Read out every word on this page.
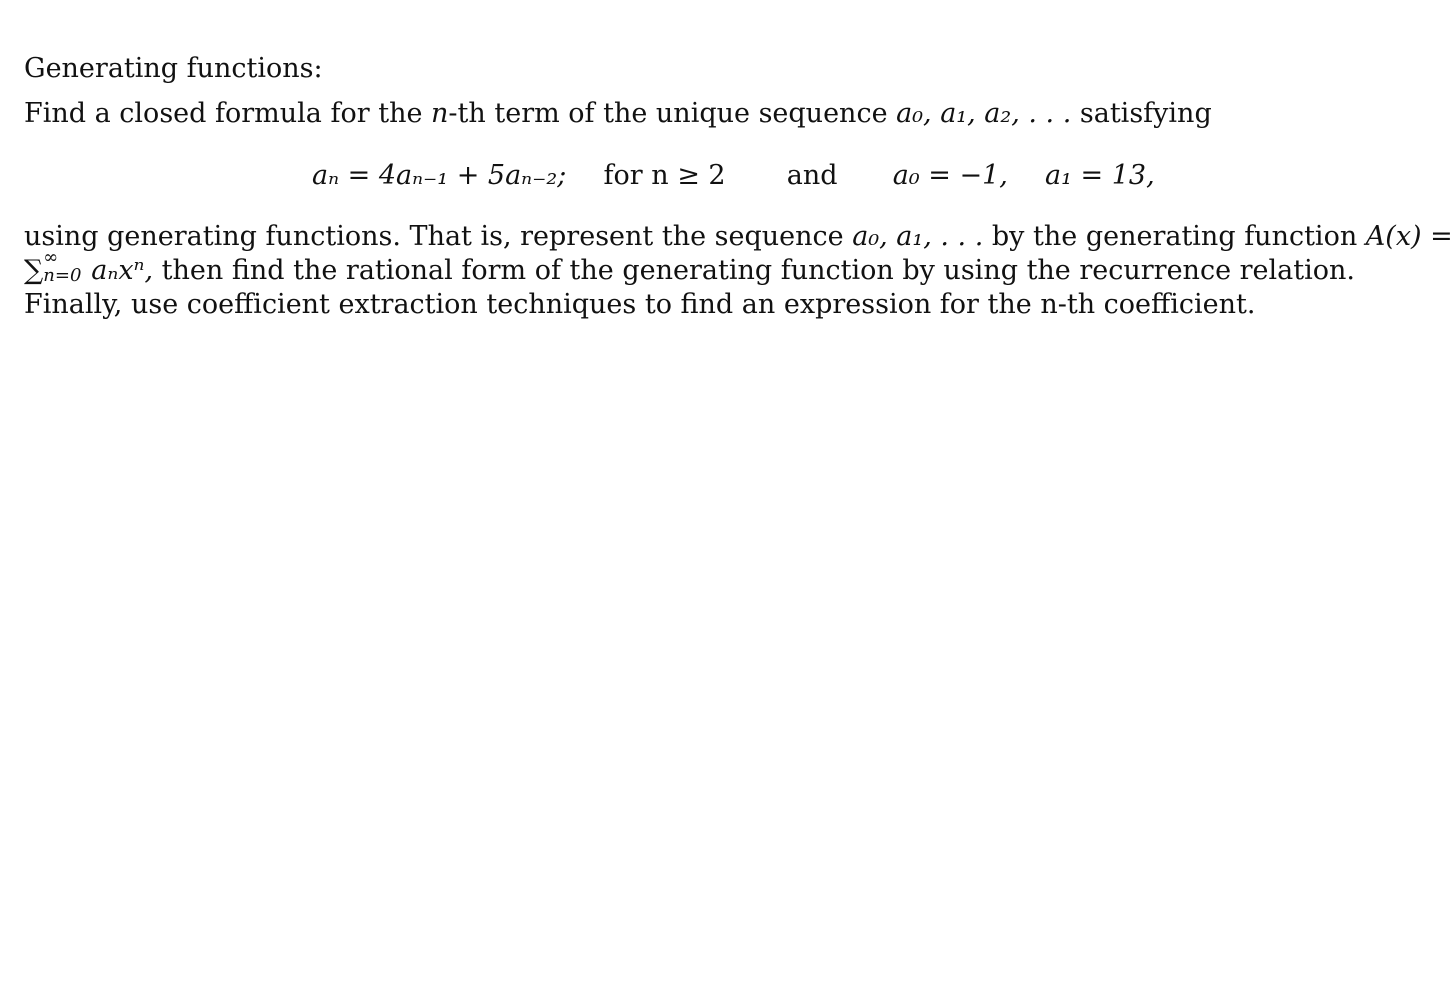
Generating functions:
Find a closed formula for the n-th term of the unique sequence a₀, a₁, a₂, . . . satisfying
aₙ = 4aₙ₋₁ + 5aₙ₋₂; for n ≥ 2 and a₀ = −1, a₁ = 13,
using generating functions. That is, represent the sequence a₀, a₁, . . . by the generating function A(x) =
∑ ∞
n=0 aₙxⁿ, then find the rational form of the generating function by using the recurrence relation.
Finally, use coefficient extraction techniques to find an expression for the n-th coefficient.
